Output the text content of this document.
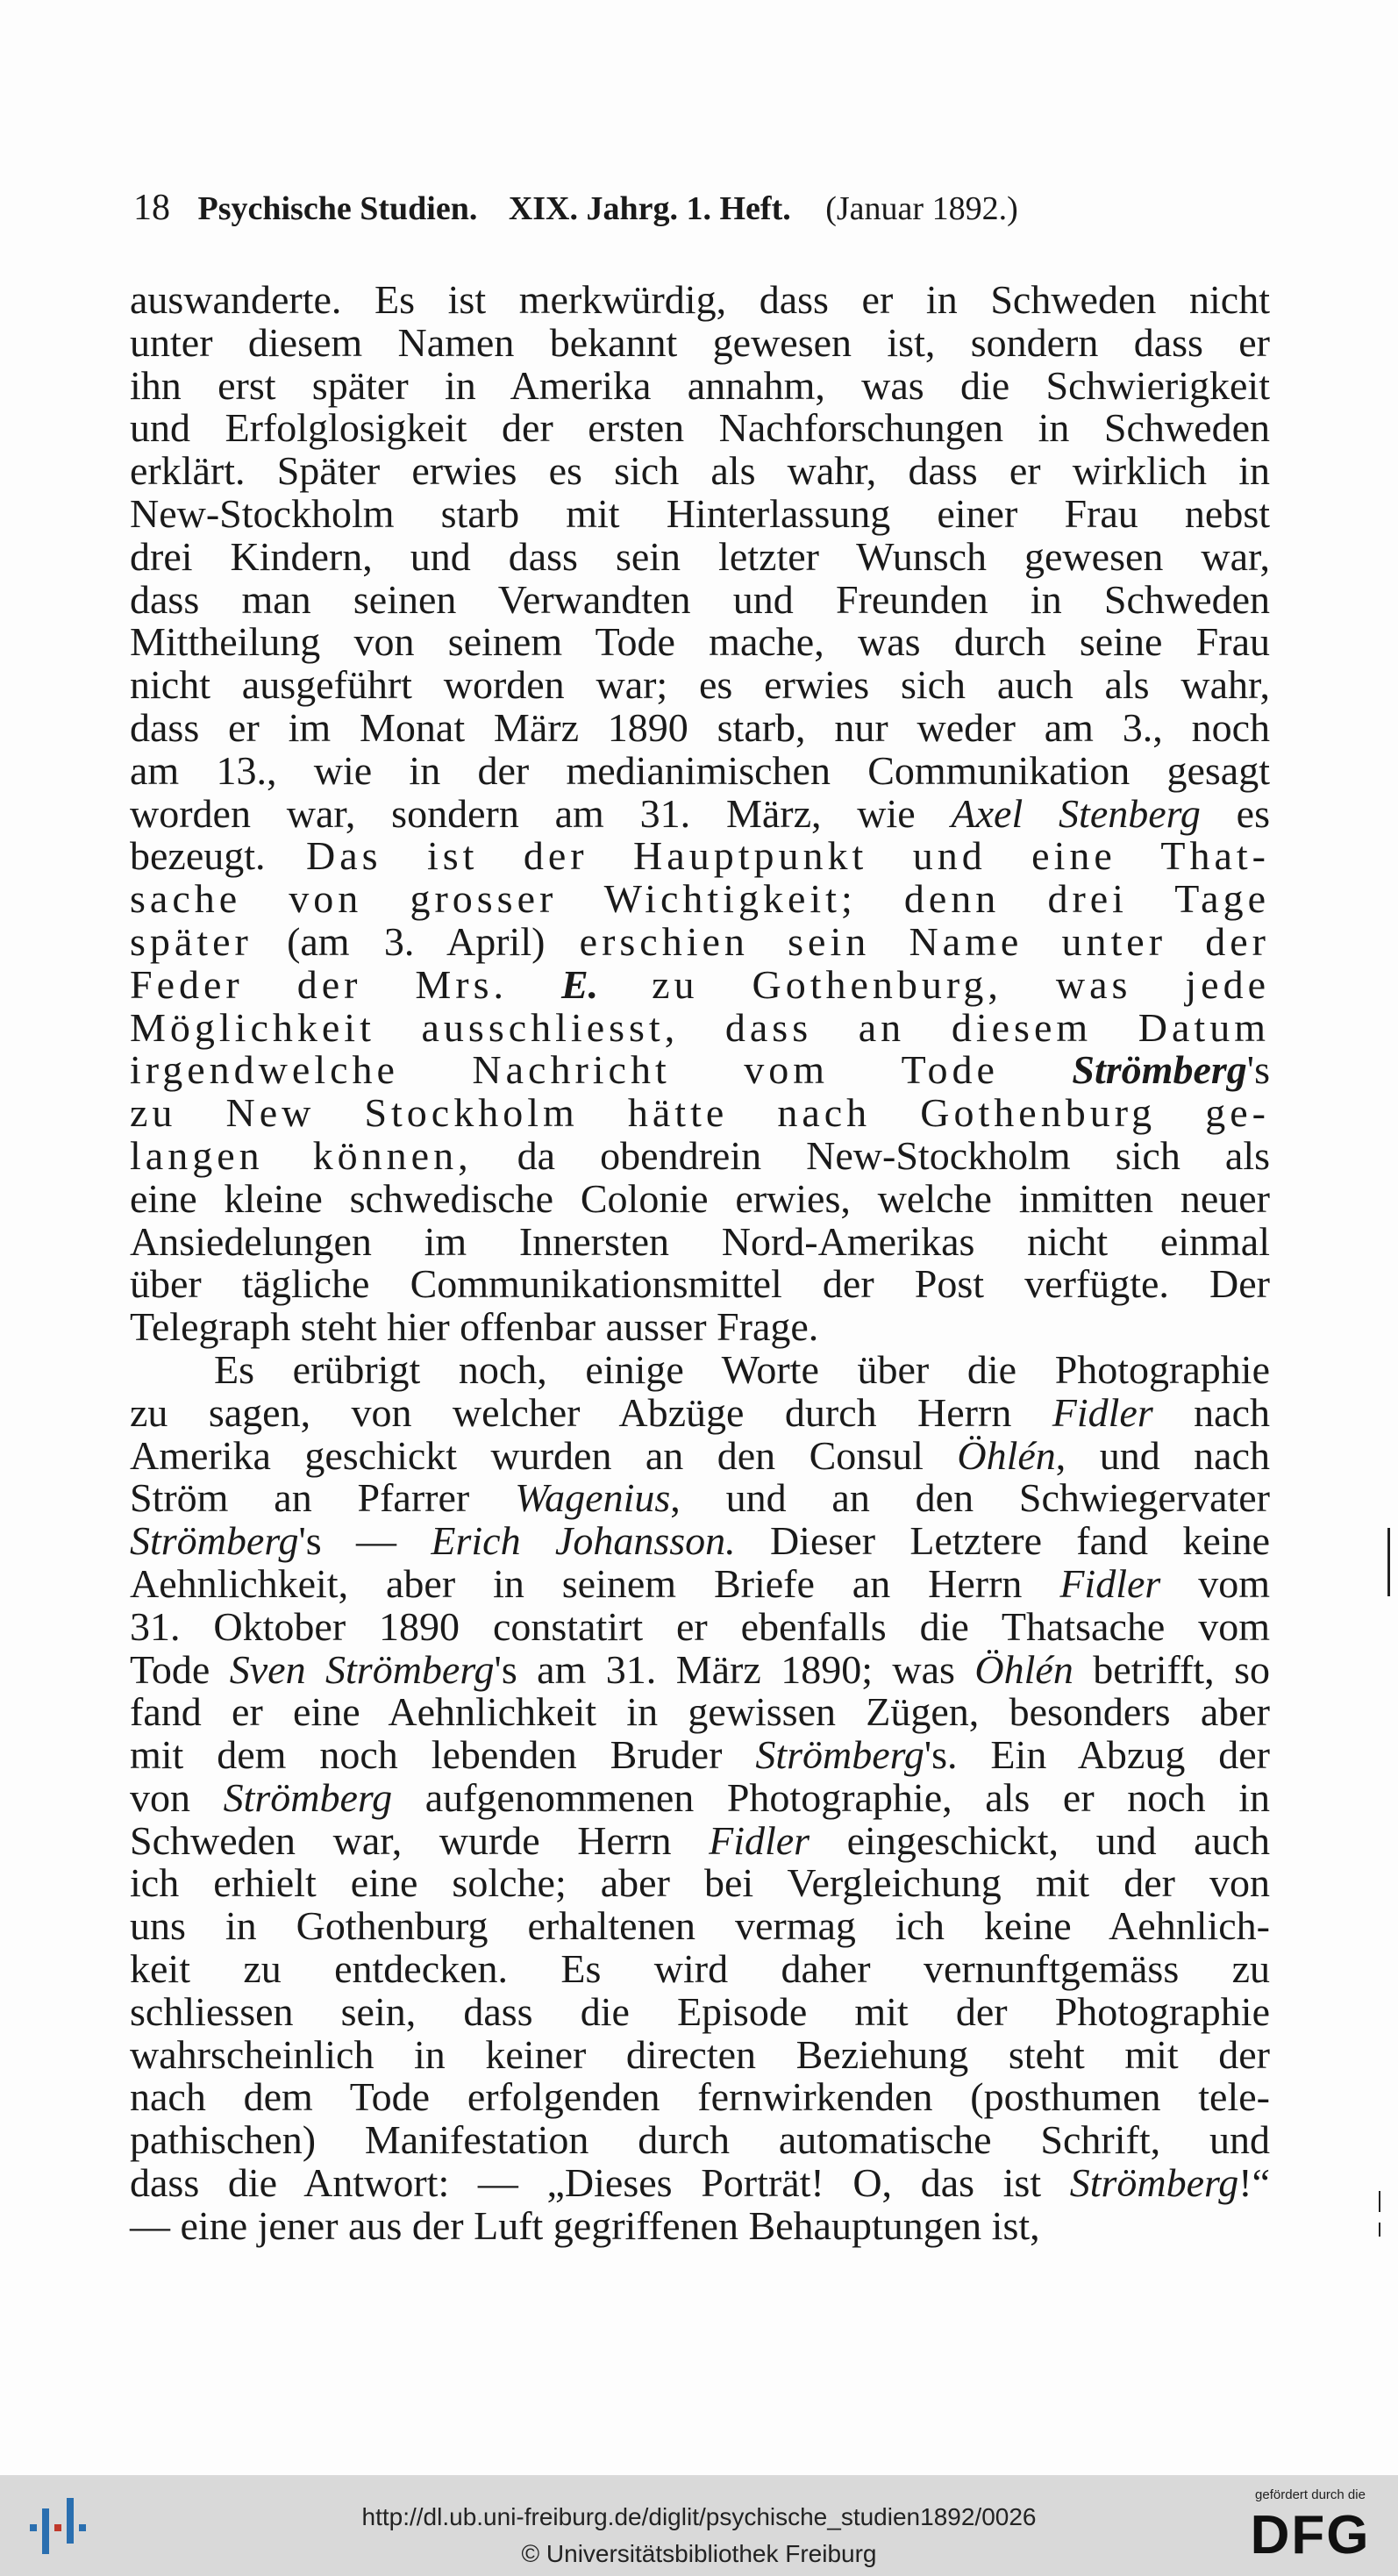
18 Psychische Studien. XIX. Jahrg. 1. Heft. (Januar 1892.)
auswanderte. Es ist merkwürdig, dass er in Schweden nicht
unter diesem Namen bekannt gewesen ist, sondern dass er
ihn erst später in Amerika annahm, was die Schwierigkeit
und Erfolglosigkeit der ersten Nachforschungen in Schweden
erklärt. Später erwies es sich als wahr, dass er wirklich in
New-Stockholm starb mit Hinterlassung einer Frau nebst
drei Kindern, und dass sein letzter Wunsch gewesen war,
dass man seinen Verwandten und Freunden in Schweden
Mittheilung von seinem Tode mache, was durch seine Frau
nicht ausgeführt worden war; es erwies sich auch als wahr,
dass er im Monat März 1890 starb, nur weder am 3., noch
am 13., wie in der medianimischen Communikation gesagt
worden war, sondern am 31. März, wie Axel Stenberg es
bezeugt. Das ist der Hauptpunkt und eine That-
sache von grosser Wichtigkeit; denn drei Tage
später (am 3. April) erschien sein Name unter der
Feder der Mrs. E. zu Gothenburg, was jede
Möglichkeit ausschliesst, dass an diesem Datum
irgendwelche Nachricht vom Tode Strömberg's
zu New Stockholm hätte nach Gothenburg ge-
langen können, da obendrein New-Stockholm sich als
eine kleine schwedische Colonie erwies, welche inmitten neuer
Ansiedelungen im Innersten Nord-Amerikas nicht einmal
über tägliche Communikationsmittel der Post verfügte. Der
Telegraph steht hier offenbar ausser Frage.
Es erübrigt noch, einige Worte über die Photographie
zu sagen, von welcher Abzüge durch Herrn Fidler nach
Amerika geschickt wurden an den Consul Öhlén, und nach
Ström an Pfarrer Wagenius, und an den Schwiegervater
Strömberg's — Erich Johansson. Dieser Letztere fand keine
Aehnlichkeit, aber in seinem Briefe an Herrn Fidler vom
31. Oktober 1890 constatirt er ebenfalls die Thatsache vom
Tode Sven Strömberg's am 31. März 1890; was Öhlén betrifft, so
fand er eine Aehnlichkeit in gewissen Zügen, besonders aber
mit dem noch lebenden Bruder Strömberg's. Ein Abzug der
von Strömberg aufgenommenen Photographie, als er noch in
Schweden war, wurde Herrn Fidler eingeschickt, und auch
ich erhielt eine solche; aber bei Vergleichung mit der von
uns in Gothenburg erhaltenen vermag ich keine Aehnlich-
keit zu entdecken. Es wird daher vernunftgemäss zu
schliessen sein, dass die Episode mit der Photographie
wahrscheinlich in keiner directen Beziehung steht mit der
nach dem Tode erfolgenden fernwirkenden (posthumen tele-
pathischen) Manifestation durch automatische Schrift, und
dass die Antwort: — „Dieses Porträt! O, das ist Strömberg!“
— eine jener aus der Luft gegriffenen Behauptungen ist,
http://dl.ub.uni-freiburg.de/diglit/psychische_studien1892/0026
© Universitätsbibliothek Freiburg
gefördert durch die
DFG
